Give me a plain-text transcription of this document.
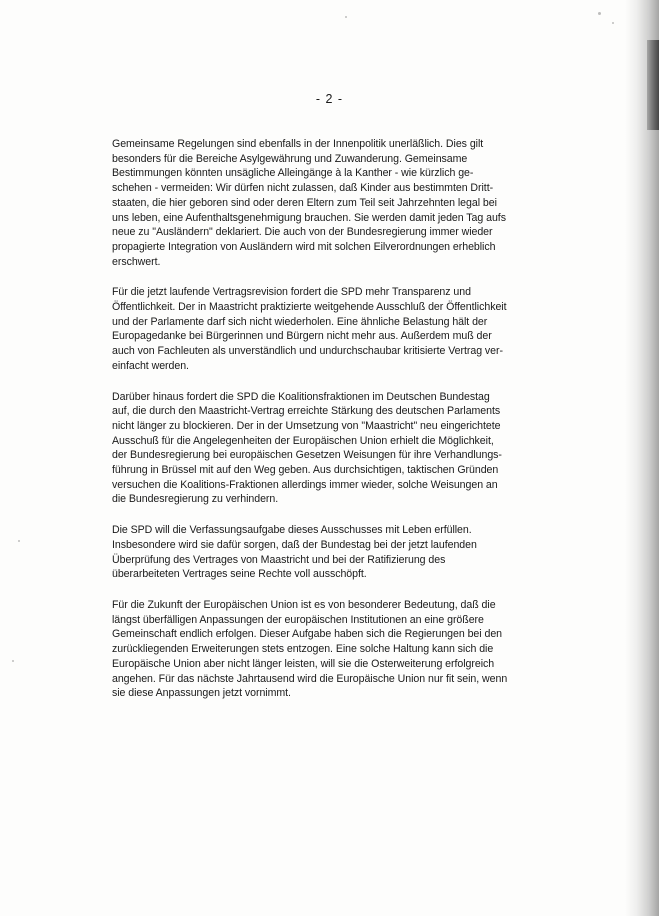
- 2 -

Gemeinsame Regelungen sind ebenfalls in der Innenpolitik unerläßlich. Dies gilt
besonders für die Bereiche Asylgewährung und Zuwanderung. Gemeinsame
Bestimmungen könnten unsägliche Alleingänge à la Kanther - wie kürzlich ge-
schehen - vermeiden: Wir dürfen nicht zulassen, daß Kinder aus bestimmten Dritt-
staaten, die hier geboren sind oder deren Eltern zum Teil seit Jahrzehnten legal bei
uns leben, eine Aufenthaltsgenehmigung brauchen. Sie werden damit jeden Tag aufs
neue zu "Ausländern" deklariert. Die auch von der Bundesregierung immer wieder
propagierte Integration von Ausländern wird mit solchen Eilverordnungen erheblich
erschwert.

Für die jetzt laufende Vertragsrevision fordert die SPD mehr Transparenz und
Öffentlichkeit. Der in Maastricht praktizierte weitgehende Ausschluß der Öffentlichkeit
und der Parlamente darf sich nicht wiederholen. Eine ähnliche Belastung hält der
Europagedanke bei Bürgerinnen und Bürgern nicht mehr aus. Außerdem muß der
auch von Fachleuten als unverständlich und undurchschaubar kritisierte Vertrag ver-
einfacht werden.

Darüber hinaus fordert die SPD die Koalitionsfraktionen im Deutschen Bundestag
auf, die durch den Maastricht-Vertrag erreichte Stärkung des deutschen Parlaments
nicht länger zu blockieren. Der in der Umsetzung von "Maastricht" neu eingerichtete
Ausschuß für die Angelegenheiten der Europäischen Union erhielt die Möglichkeit,
der Bundesregierung bei europäischen Gesetzen Weisungen für ihre Verhandlungs-
führung in Brüssel mit auf den Weg geben. Aus durchsichtigen, taktischen Gründen
versuchen die Koalitions-Fraktionen allerdings immer wieder, solche Weisungen an
die Bundesregierung zu verhindern.

Die SPD will die Verfassungsaufgabe dieses Ausschusses mit Leben erfüllen.
Insbesondere wird sie dafür sorgen, daß der Bundestag bei der jetzt laufenden
Überprüfung des Vertrages von Maastricht und bei der Ratifizierung des
überarbeiteten Vertrages seine Rechte voll ausschöpft.

Für die Zukunft der Europäischen Union ist es von besonderer Bedeutung, daß die
längst überfälligen Anpassungen der europäischen Institutionen an eine größere
Gemeinschaft endlich erfolgen. Dieser Aufgabe haben sich die Regierungen bei den
zurückliegenden Erweiterungen stets entzogen. Eine solche Haltung kann sich die
Europäische Union aber nicht länger leisten, will sie die Osterweiterung erfolgreich
angehen. Für das nächste Jahrtausend wird die Europäische Union nur fit sein, wenn
sie diese Anpassungen jetzt vornimmt.
